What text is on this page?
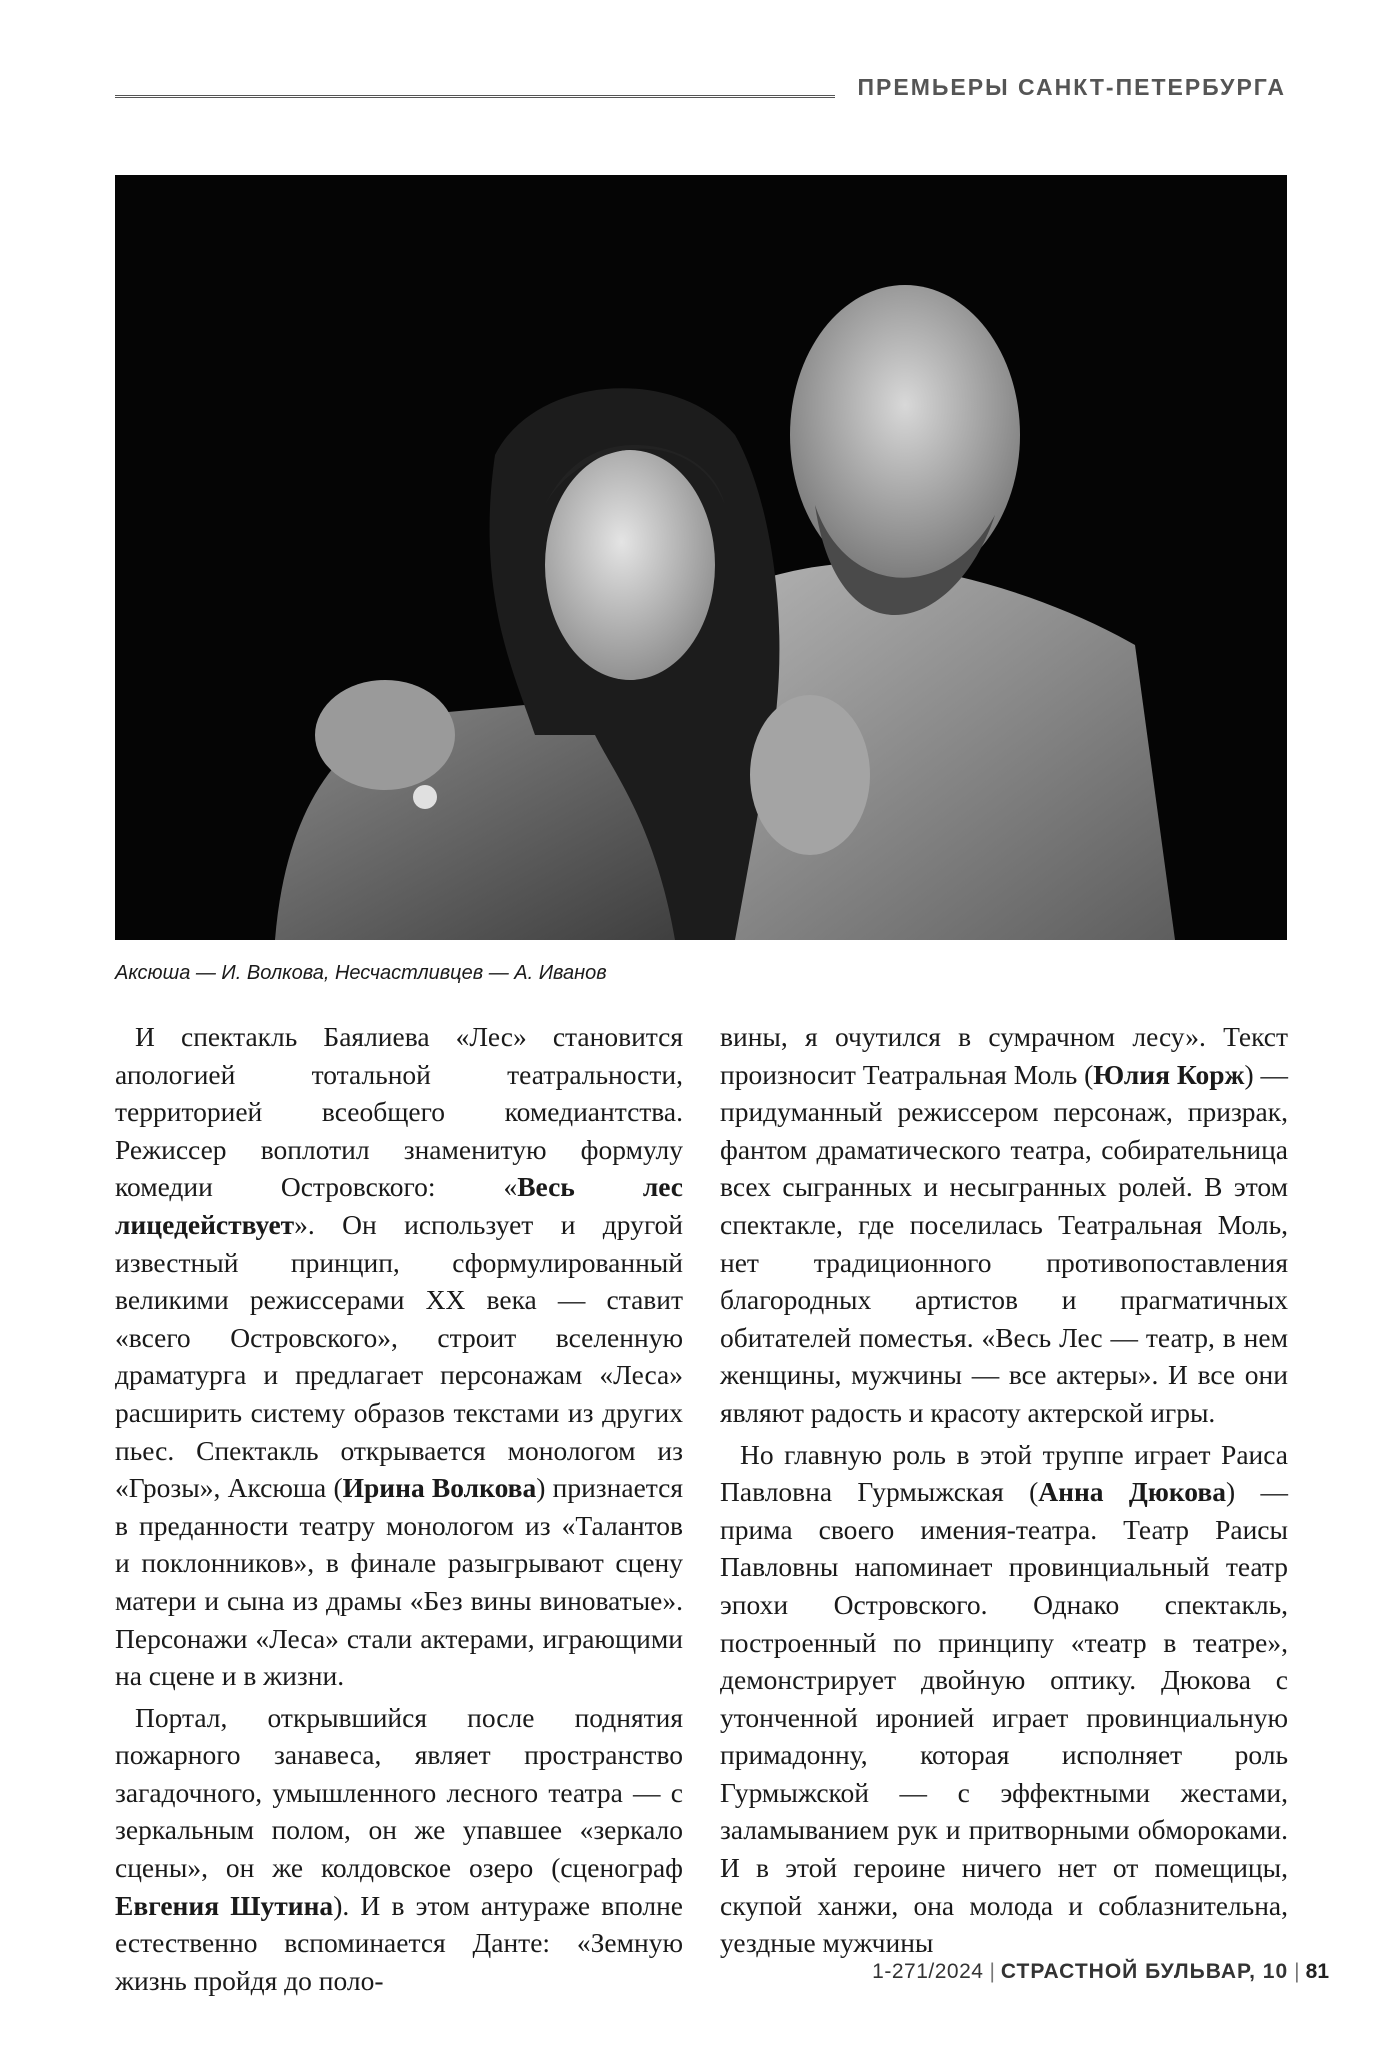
ПРЕМЬЕРЫ САНКТ-ПЕТЕРБУРГА
Аксюша — И. Волкова, Несчастливцев — А. Иванов

И спектакль Баялиева «Лес» становится апологией тотальной театральности, территорией всеобщего комедиантства. Режиссер воплотил знаменитую формулу комедии Островского: «Весь лес лицедействует». Он использует и другой известный принцип, сформулированный великими режиссерами XX века — ставит «всего Островского», строит вселенную драматурга и предлагает персонажам «Леса» расширить систему образов текстами из других пьес. Спектакль открывается монологом из «Грозы», Аксюша (Ирина Волкова) признается в преданности театру монологом из «Талантов и поклонников», в финале разыгрывают сцену матери и сына из драмы «Без вины виноватые». Персонажи «Леса» стали актерами, играющими на сцене и в жизни.

Портал, открывшийся после поднятия пожарного занавеса, являет пространство загадочного, умышленного лесного театра — с зеркальным полом, он же упавшее «зеркало сцены», он же колдовское озеро (сценограф Евгения Шутина). И в этом антураже вполне естественно вспоминается Данте: «Земную жизнь пройдя до поло-

вины, я очутился в сумрачном лесу». Текст произносит Театральная Моль (Юлия Корж) — придуманный режиссером персонаж, призрак, фантом драматического театра, собирательница всех сыгранных и несыгранных ролей. В этом спектакле, где поселилась Театральная Моль, нет традиционного противопоставления благородных артистов и прагматичных обитателей поместья. «Весь Лес — театр, в нем женщины, мужчины — все актеры». И все они являют радость и красоту актерской игры.

Но главную роль в этой труппе играет Раиса Павловна Гурмыжская (Анна Дюкова) — прима своего имения-театра. Театр Раисы Павловны напоминает провинциальный театр эпохи Островского. Однако спектакль, построенный по принципу «театр в театре», демонстрирует двойную оптику. Дюкова с утонченной иронией играет провинциальную примадонну, которая исполняет роль Гурмыжской — с эффектными жестами, заламыванием рук и притворными обмороками. И в этой героине ничего нет от помещицы, скупой ханжи, она молода и соблазнительна, уездные мужчины

1-271/2024 | СТРАСТНОЙ БУЛЬВАР, 10 | 81
